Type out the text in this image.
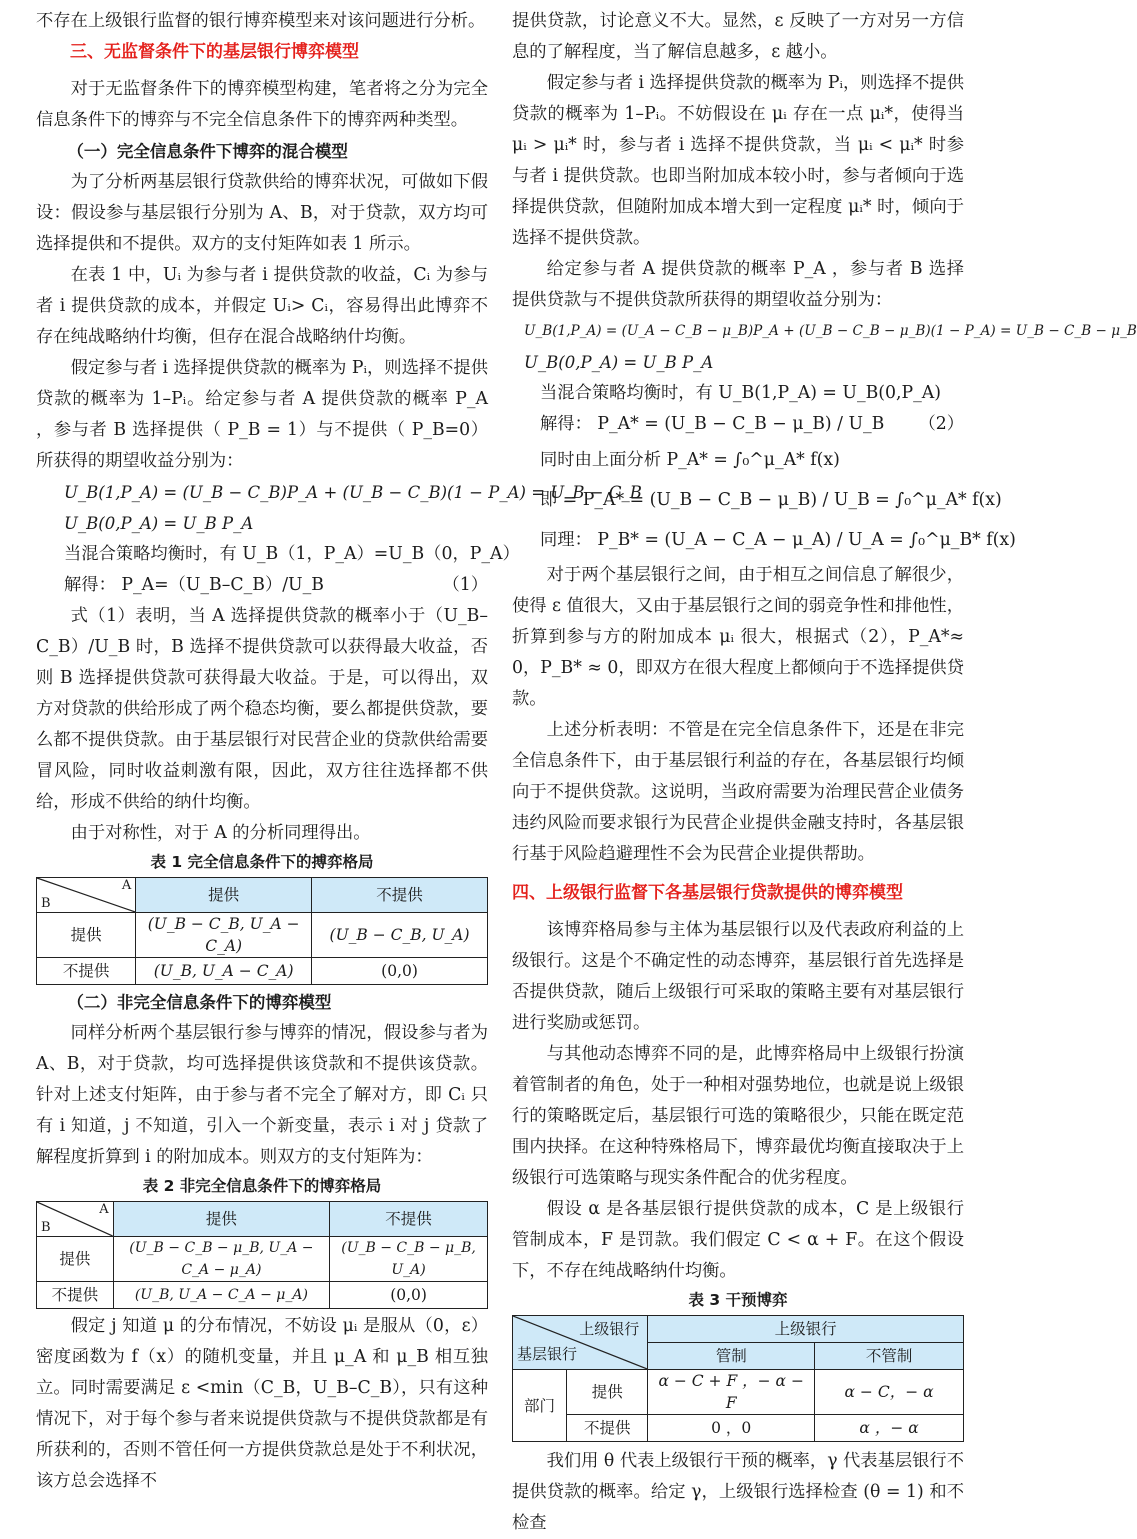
不存在上级银行监督的银行博弈模型来对该问题进行分析。

三、无监督条件下的基层银行博弈模型

对于无监督条件下的博弈模型构建，笔者将之分为完全信息条件下的博弈与不完全信息条件下的博弈两种类型。

（一）完全信息条件下博弈的混合模型

为了分析两基层银行贷款供给的博弈状况，可做如下假设：假设参与基层银行分别为 A、B，对于贷款，双方均可选择提供和不提供。双方的支付矩阵如表 1 所示。

在表 1 中，Uᵢ 为参与者 i 提供贷款的收益，Cᵢ 为参与者 i 提供贷款的成本，并假定 Uᵢ> Cᵢ，容易得出此博弈不存在纯战略纳什均衡，但存在混合战略纳什均衡。

假定参与者 i 选择提供贷款的概率为 Pᵢ，则选择不提供贷款的概率为 1–Pᵢ。给定参与者 A 提供贷款的概率 P_A ，参与者 B 选择提供（ P_B = 1）与不提供（ P_B=0）所获得的期望收益分别为：

U_B(1,P_A) = (U_B − C_B)P_A + (U_B − C_B)(1 − P_A) = U_B − C_B

U_B(0,P_A) = U_B P_A

当混合策略均衡时，有 U_B（1，P_A）=U_B（0，P_A）

（1）
解得： P_A=（U_B–C_B）/U_B

式（1）表明，当 A 选择提供贷款的概率小于（U_B–C_B）/U_B 时，B 选择不提供贷款可以获得最大收益，否则 B 选择提供贷款可获得最大收益。于是，可以得出，双方对贷款的供给形成了两个稳态均衡，要么都提供贷款，要么都不提供贷款。由于基层银行对民营企业的贷款供给需要冒风险，同时收益刺激有限，因此，双方往往选择都不供给，形成不供给的纳什均衡。

由于对称性，对于 A 的分析同理得出。

表 1 完全信息条件下的搏弈格局
A
B	提供	不提供
提供	(U_B − C_B, U_A − C_A)	(U_B − C_B, U_A)
不提供	(U_B, U_A − C_A)	(0,0)

（二）非完全信息条件下的博弈模型

同样分析两个基层银行参与博弈的情况，假设参与者为 A、B，对于贷款，均可选择提供该贷款和不提供该贷款。针对上述支付矩阵，由于参与者不完全了解对方，即 Cᵢ 只有 i 知道，j 不知道，引入一个新变量，表示 i 对 j 贷款了解程度折算到 i 的附加成本。则双方的支付矩阵为：

表 2 非完全信息条件下的博弈格局
A
B	提供	不提供
提供	(U_B − C_B − μ_B, U_A − C_A − μ_A)	(U_B − C_B − μ_B, U_A)
不提供	(U_B, U_A − C_A − μ_A)	(0,0)

假定 j 知道 μ 的分布情况，不妨设 μᵢ 是服从（0，ε）密度函数为 f（x）的随机变量，并且 μ_A 和 μ_B 相互独立。同时需要满足 ε <min（C_B，U_B–C_B），只有这种情况下，对于每个参与者来说提供贷款与不提供贷款都是有所获利的，否则不管任何一方提供贷款总是处于不利状况，该方总会选择不

提供贷款，讨论意义不大。显然，ε 反映了一方对另一方信息的了解程度，当了解信息越多，ε 越小。

假定参与者 i 选择提供贷款的概率为 Pᵢ，则选择不提供贷款的概率为 1–Pᵢ。不妨假设在 μᵢ 存在一点 μᵢ*，使得当 μᵢ > μᵢ* 时，参与者 i 选择不提供贷款，当 μᵢ < μᵢ* 时参与者 i 提供贷款。也即当附加成本较小时，参与者倾向于选择提供贷款，但随附加成本增大到一定程度 μᵢ* 时，倾向于选择不提供贷款。

给定参与者 A 提供贷款的概率 P_A ，参与者 B 选择提供贷款与不提供贷款所获得的期望收益分别为：

U_B(1,P_A) = (U_A − C_B − μ_B)P_A + (U_B − C_B − μ_B)(1 − P_A) = U_B − C_B − μ_B

U_B(0,P_A) = U_B P_A

当混合策略均衡时，有 U_B(1,P_A) = U_B(0,P_A)

（2）
解得： P_A* = (U_B − C_B − μ_B) / U_B

同时由上面分析 P_A* = ∫₀^μ_A* f(x)

即 = P_A* = (U_B − C_B − μ_B) / U_B = ∫₀^μ_A* f(x)

同理： P_B* = (U_A − C_A − μ_A) / U_A = ∫₀^μ_B* f(x)

对于两个基层银行之间，由于相互之间信息了解很少，使得 ε 值很大，又由于基层银行之间的弱竞争性和排他性，折算到参与方的附加成本 μᵢ 很大，根据式（2），P_A*≈ 0，P_B* ≈ 0，即双方在很大程度上都倾向于不选择提供贷款。

上述分析表明：不管是在完全信息条件下，还是在非完全信息条件下，由于基层银行利益的存在，各基层银行均倾向于不提供贷款。这说明，当政府需要为治理民营企业债务违约风险而要求银行为民营企业提供金融支持时，各基层银行基于风险趋避理性不会为民营企业提供帮助。

四、上级银行监督下各基层银行贷款提供的博弈模型

该博弈格局参与主体为基层银行以及代表政府利益的上级银行。这是个不确定性的动态博弈，基层银行首先选择是否提供贷款，随后上级银行可采取的策略主要有对基层银行进行奖励或惩罚。

与其他动态博弈不同的是，此博弈格局中上级银行扮演着管制者的角色，处于一种相对强势地位，也就是说上级银行的策略既定后，基层银行可选的策略很少，只能在既定范围内抉择。在这种特殊格局下，博弈最优均衡直接取决于上级银行可选策略与现实条件配合的优劣程度。

假设 α 是各基层银行提供贷款的成本，C 是上级银行管制成本，F 是罚款。我们假定 C < α + F。在这个假设下，不存在纯战略纳什均衡。

表 3 干预博弈
上级银行
基层银行		上级银行	
		管制	不管制
部门	提供	α − C + F ，− α − F	α − C，− α
	不提供	0 ，0	α ，− α

我们用 θ 代表上级银行干预的概率，γ 代表基层银行不提供贷款的概率。给定 γ，上级银行选择检查 (θ = 1) 和不检查
